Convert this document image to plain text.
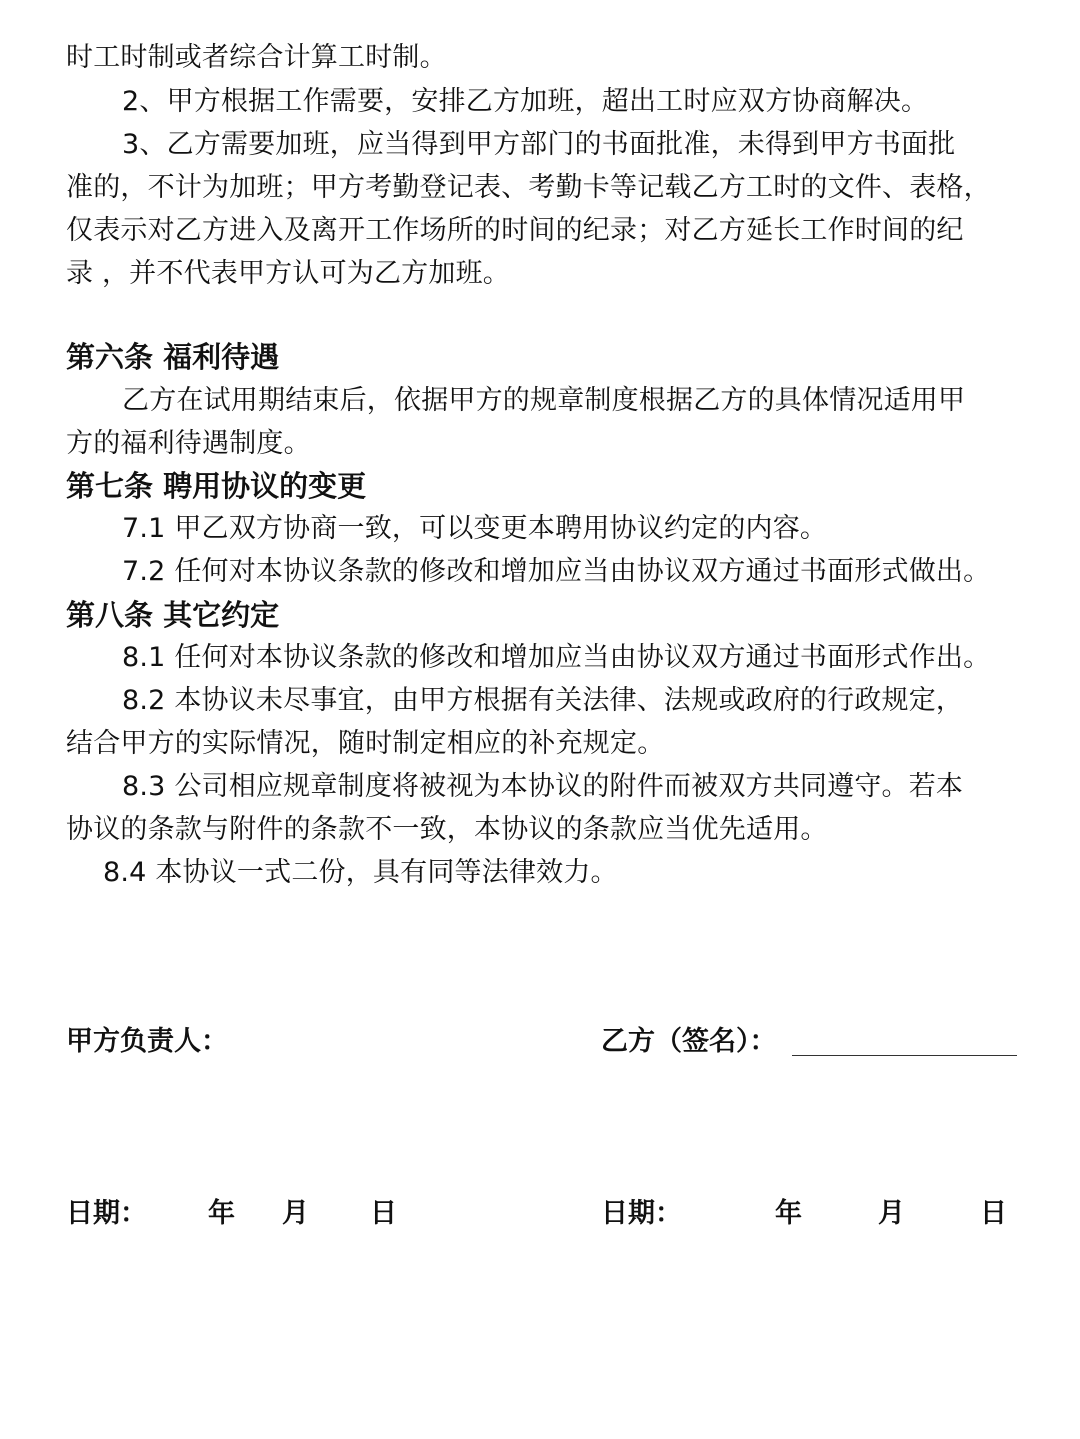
时工时制或者综合计算工时制。
2、甲方根据工作需要，安排乙方加班，超出工时应双方协商解决。
3、乙方需要加班，应当得到甲方部门的书面批准，未得到甲方书面批
准的，不计为加班；甲方考勤登记表、考勤卡等记载乙方工时的文件、表格，
仅表示对乙方进入及离开工作场所的时间的纪录；对乙方延长工作时间的纪
录 ，并不代表甲方认可为乙方加班。
第六条 福利待遇
乙方在试用期结束后，依据甲方的规章制度根据乙方的具体情况适用甲
方的福利待遇制度。
第七条 聘用协议的变更
7.1 甲乙双方协商一致，可以变更本聘用协议约定的内容。
7.2 任何对本协议条款的修改和增加应当由协议双方通过书面形式做出。
第八条 其它约定
8.1 任何对本协议条款的修改和增加应当由协议双方通过书面形式作出。
8.2 本协议未尽事宜，由甲方根据有关法律、法规或政府的行政规定，
结合甲方的实际情况，随时制定相应的补充规定。
8.3 公司相应规章制度将被视为本协议的附件而被双方共同遵守。若本
协议的条款与附件的条款不一致，本协议的条款应当优先适用。
8.4 本协议一式二份，具有同等法律效力。
甲方负责人：	乙方（签名）：
日期： 年 月 日	日期：	年	月	日
